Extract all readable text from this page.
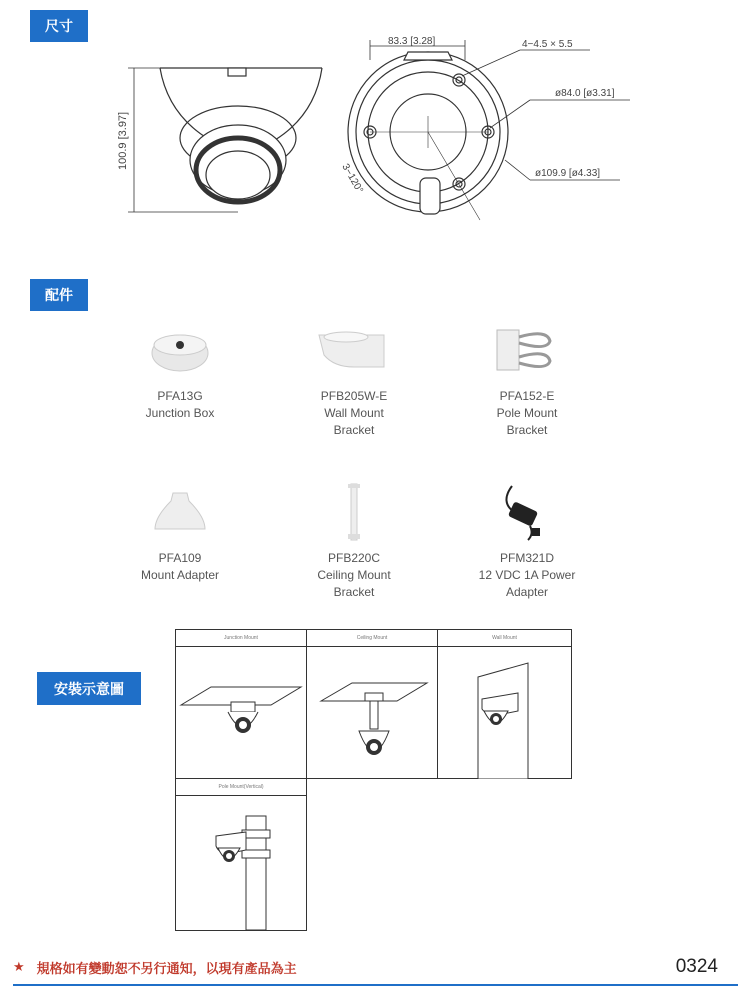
尺寸
100.9 [3.97]
83.3 [3.28]	4−4.5 × 5.5
ø84.0 [ø3.31]
ø109.9 [ø4.33]
3−120°
配件
PFA13G
Junction Box
PFB205W-E
Wall Mount
Bracket
PFA152-E
Pole Mount
Bracket
PFA109
Mount Adapter
PFB220C
Ceiling Mount
Bracket
PFM321D
12 VDC 1A Power
Adapter
安裝示意圖
Junction Mount	Ceiling Mount	Wall Mount
Pole Mount(Vertical)
★ 規格如有變動恕不另行通知，以現有產品為主	0324
